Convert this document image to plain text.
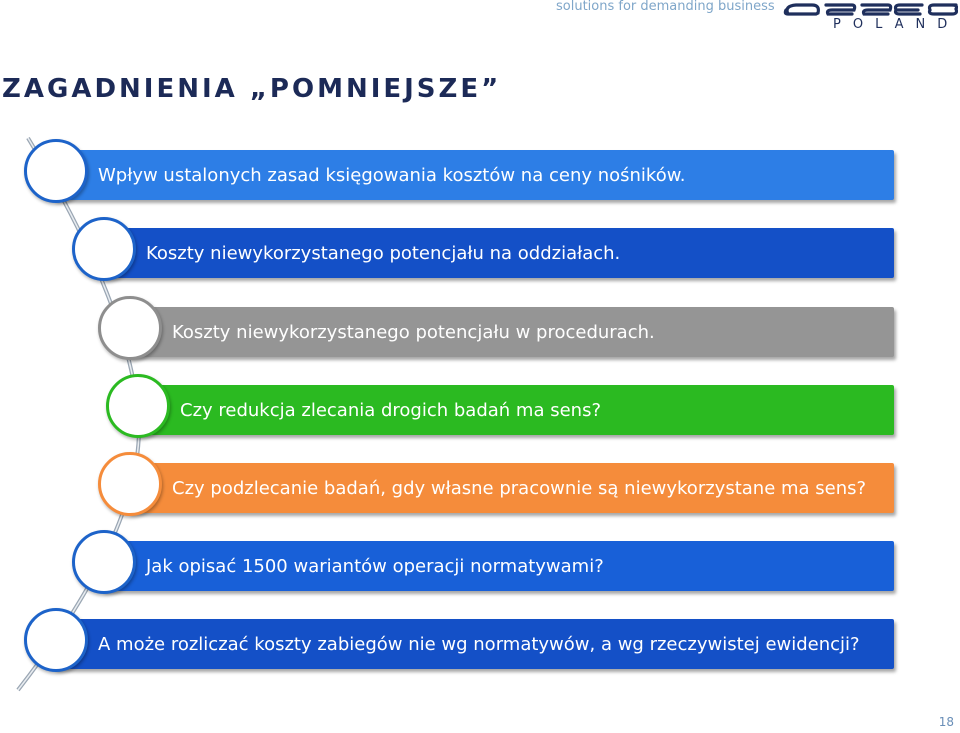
solutions for demanding business
POLAND
ZAGADNIENIA „POMNIEJSZE”
Wpływ ustalonych zasad księgowania kosztów na ceny nośników.
Koszty niewykorzystanego potencjału na oddziałach.
Koszty niewykorzystanego potencjału w procedurach.
Czy redukcja zlecania drogich badań ma sens?
Czy podzlecanie badań, gdy własne pracownie są niewykorzystane ma sens?
Jak opisać 1500 wariantów operacji normatywami?
A może rozliczać koszty zabiegów nie wg normatywów, a wg rzeczywistej ewidencji?
18
